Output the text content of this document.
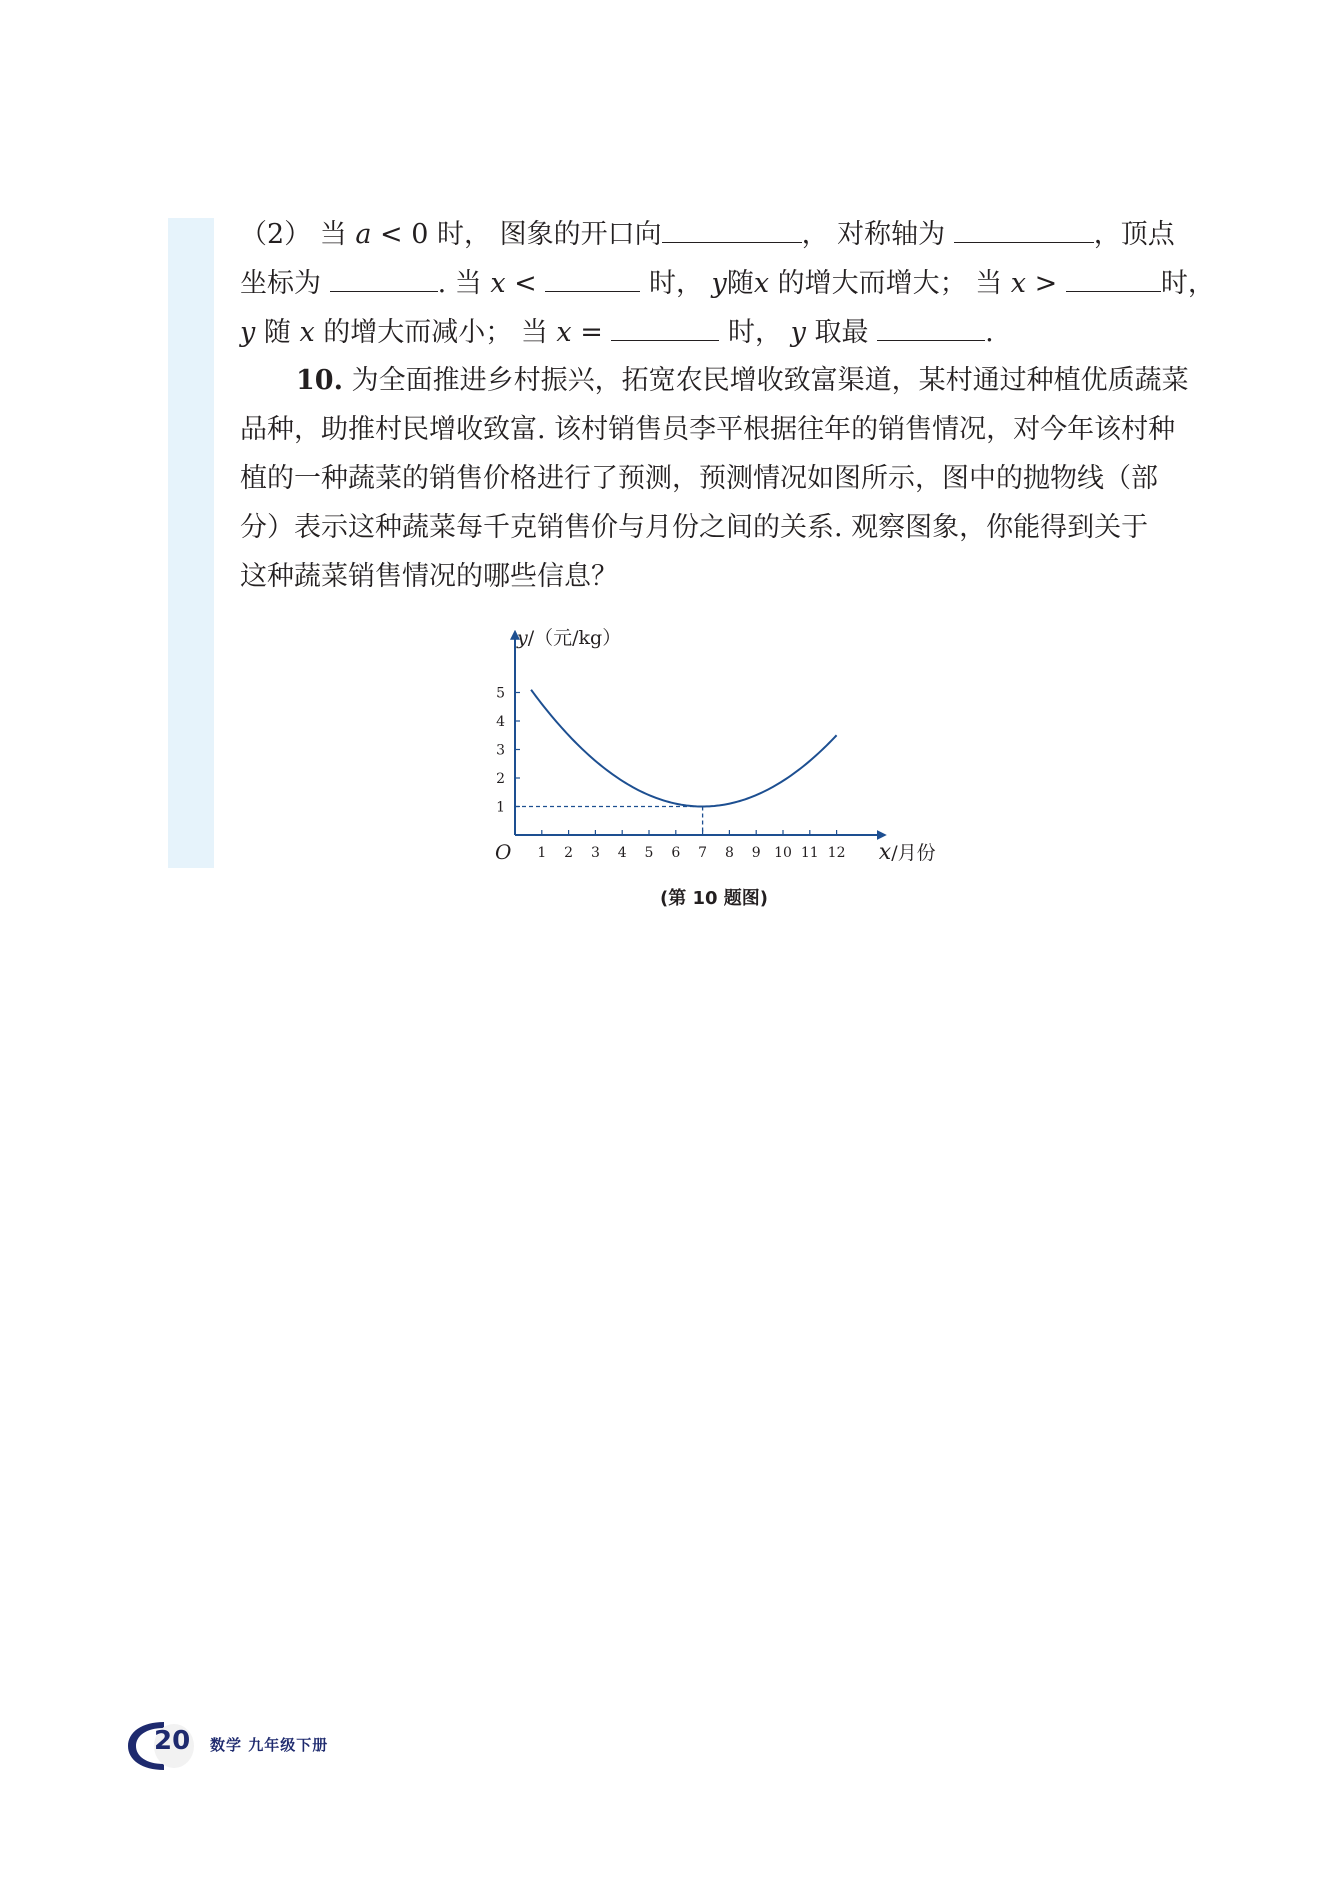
（2） 当 a < 0 时， 图象的开口向	， 对称轴为	，顶点
坐标为	. 当 x <	时， y随x 的增大而增大； 当 x >	时，
y 随 x 的增大而减小； 当 x =	时， y 取最	.
10. 为全面推进乡村振兴，拓宽农民增收致富渠道，某村通过种植优质蔬菜
品种，助推村民增收致富. 该村销售员李平根据往年的销售情况，对今年该村种
植的一种蔬菜的销售价格进行了预测，预测情况如图所示，图中的抛物线（部
分）表示这种蔬菜每千克销售价与月份之间的关系. 观察图象，你能得到关于
这种蔬菜销售情况的哪些信息？
1 2 3 4 5 6 7 8 9 10 11 12
1
2
3
4
5
O
y/（元/kg）
x/月份
(第 10 题图)
20 数学 九年级下册
